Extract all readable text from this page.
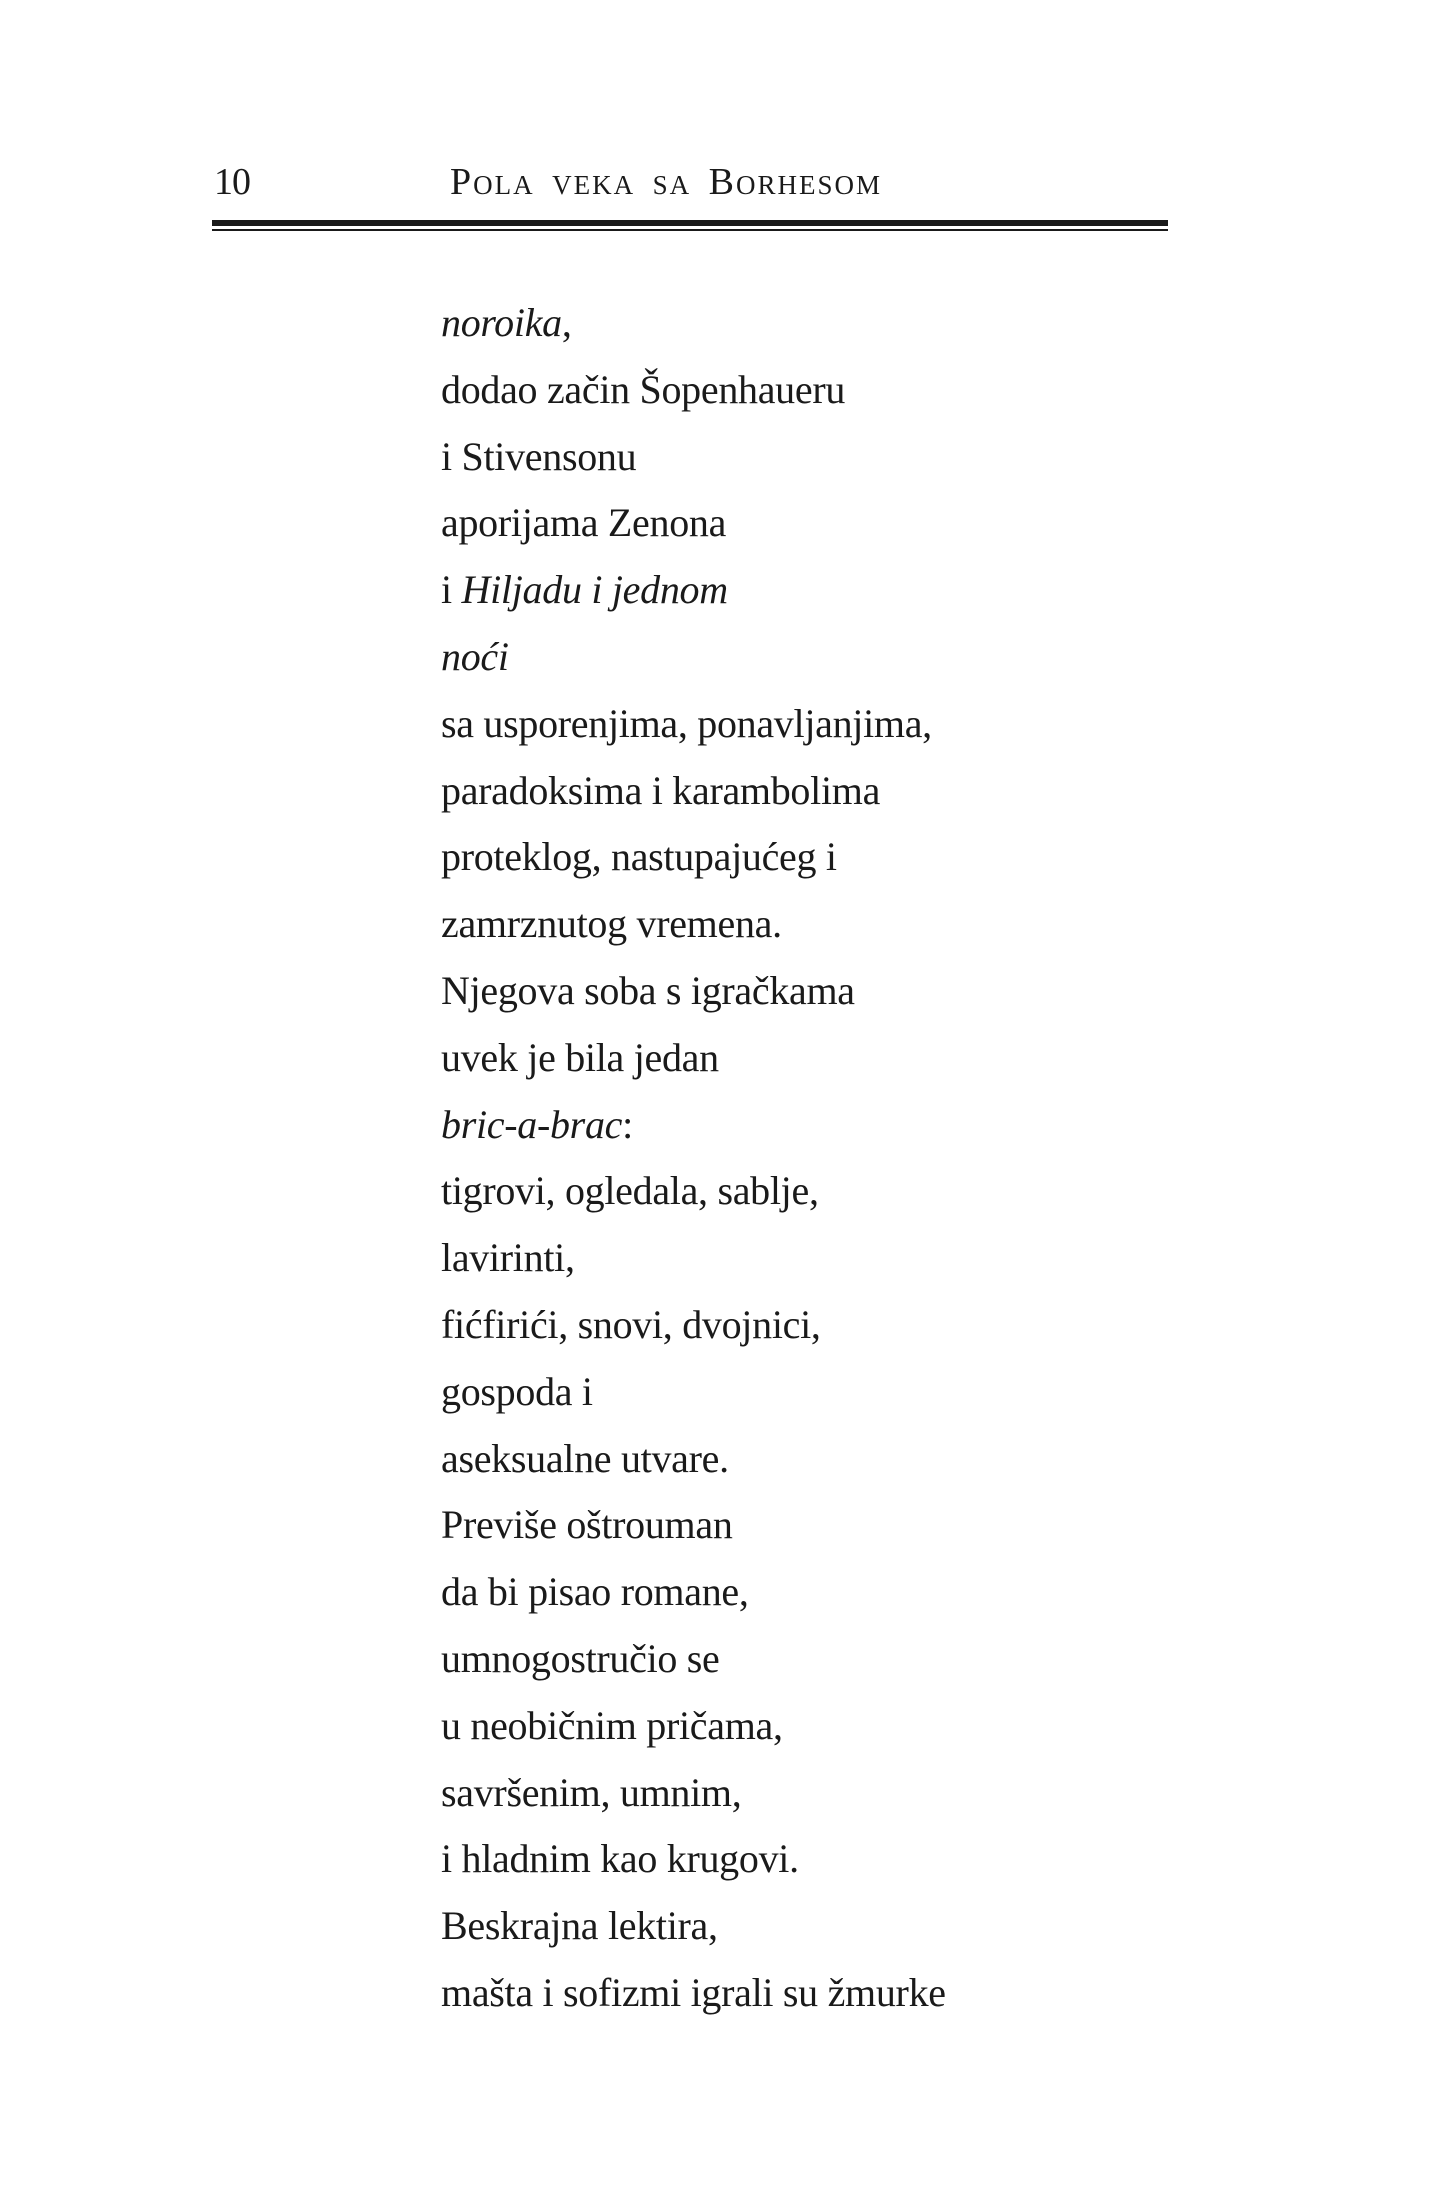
10	Pola veka sa Borhesom
noroika,
dodao začin Šopenhaueru
i Stivensonu
aporijama Zenona
i Hiljadu i jednom
noći
sa usporenjima, ponavljanjima,
paradoksima i karambolima
proteklog, nastupajućeg i
zamrznutog vremena.
Njegova soba s igračkama
uvek je bila jedan
bric-a-brac:
tigrovi, ogledala, sablje,
lavirinti,
fićfirići, snovi, dvojnici,
gospoda i
aseksualne utvare.
Previše oštrouman
da bi pisao romane,
umnogostručio se
u neobičnim pričama,
savršenim, umnim,
i hladnim kao krugovi.
Beskrajna lektira,
mašta i sofizmi igrali su žmurke
